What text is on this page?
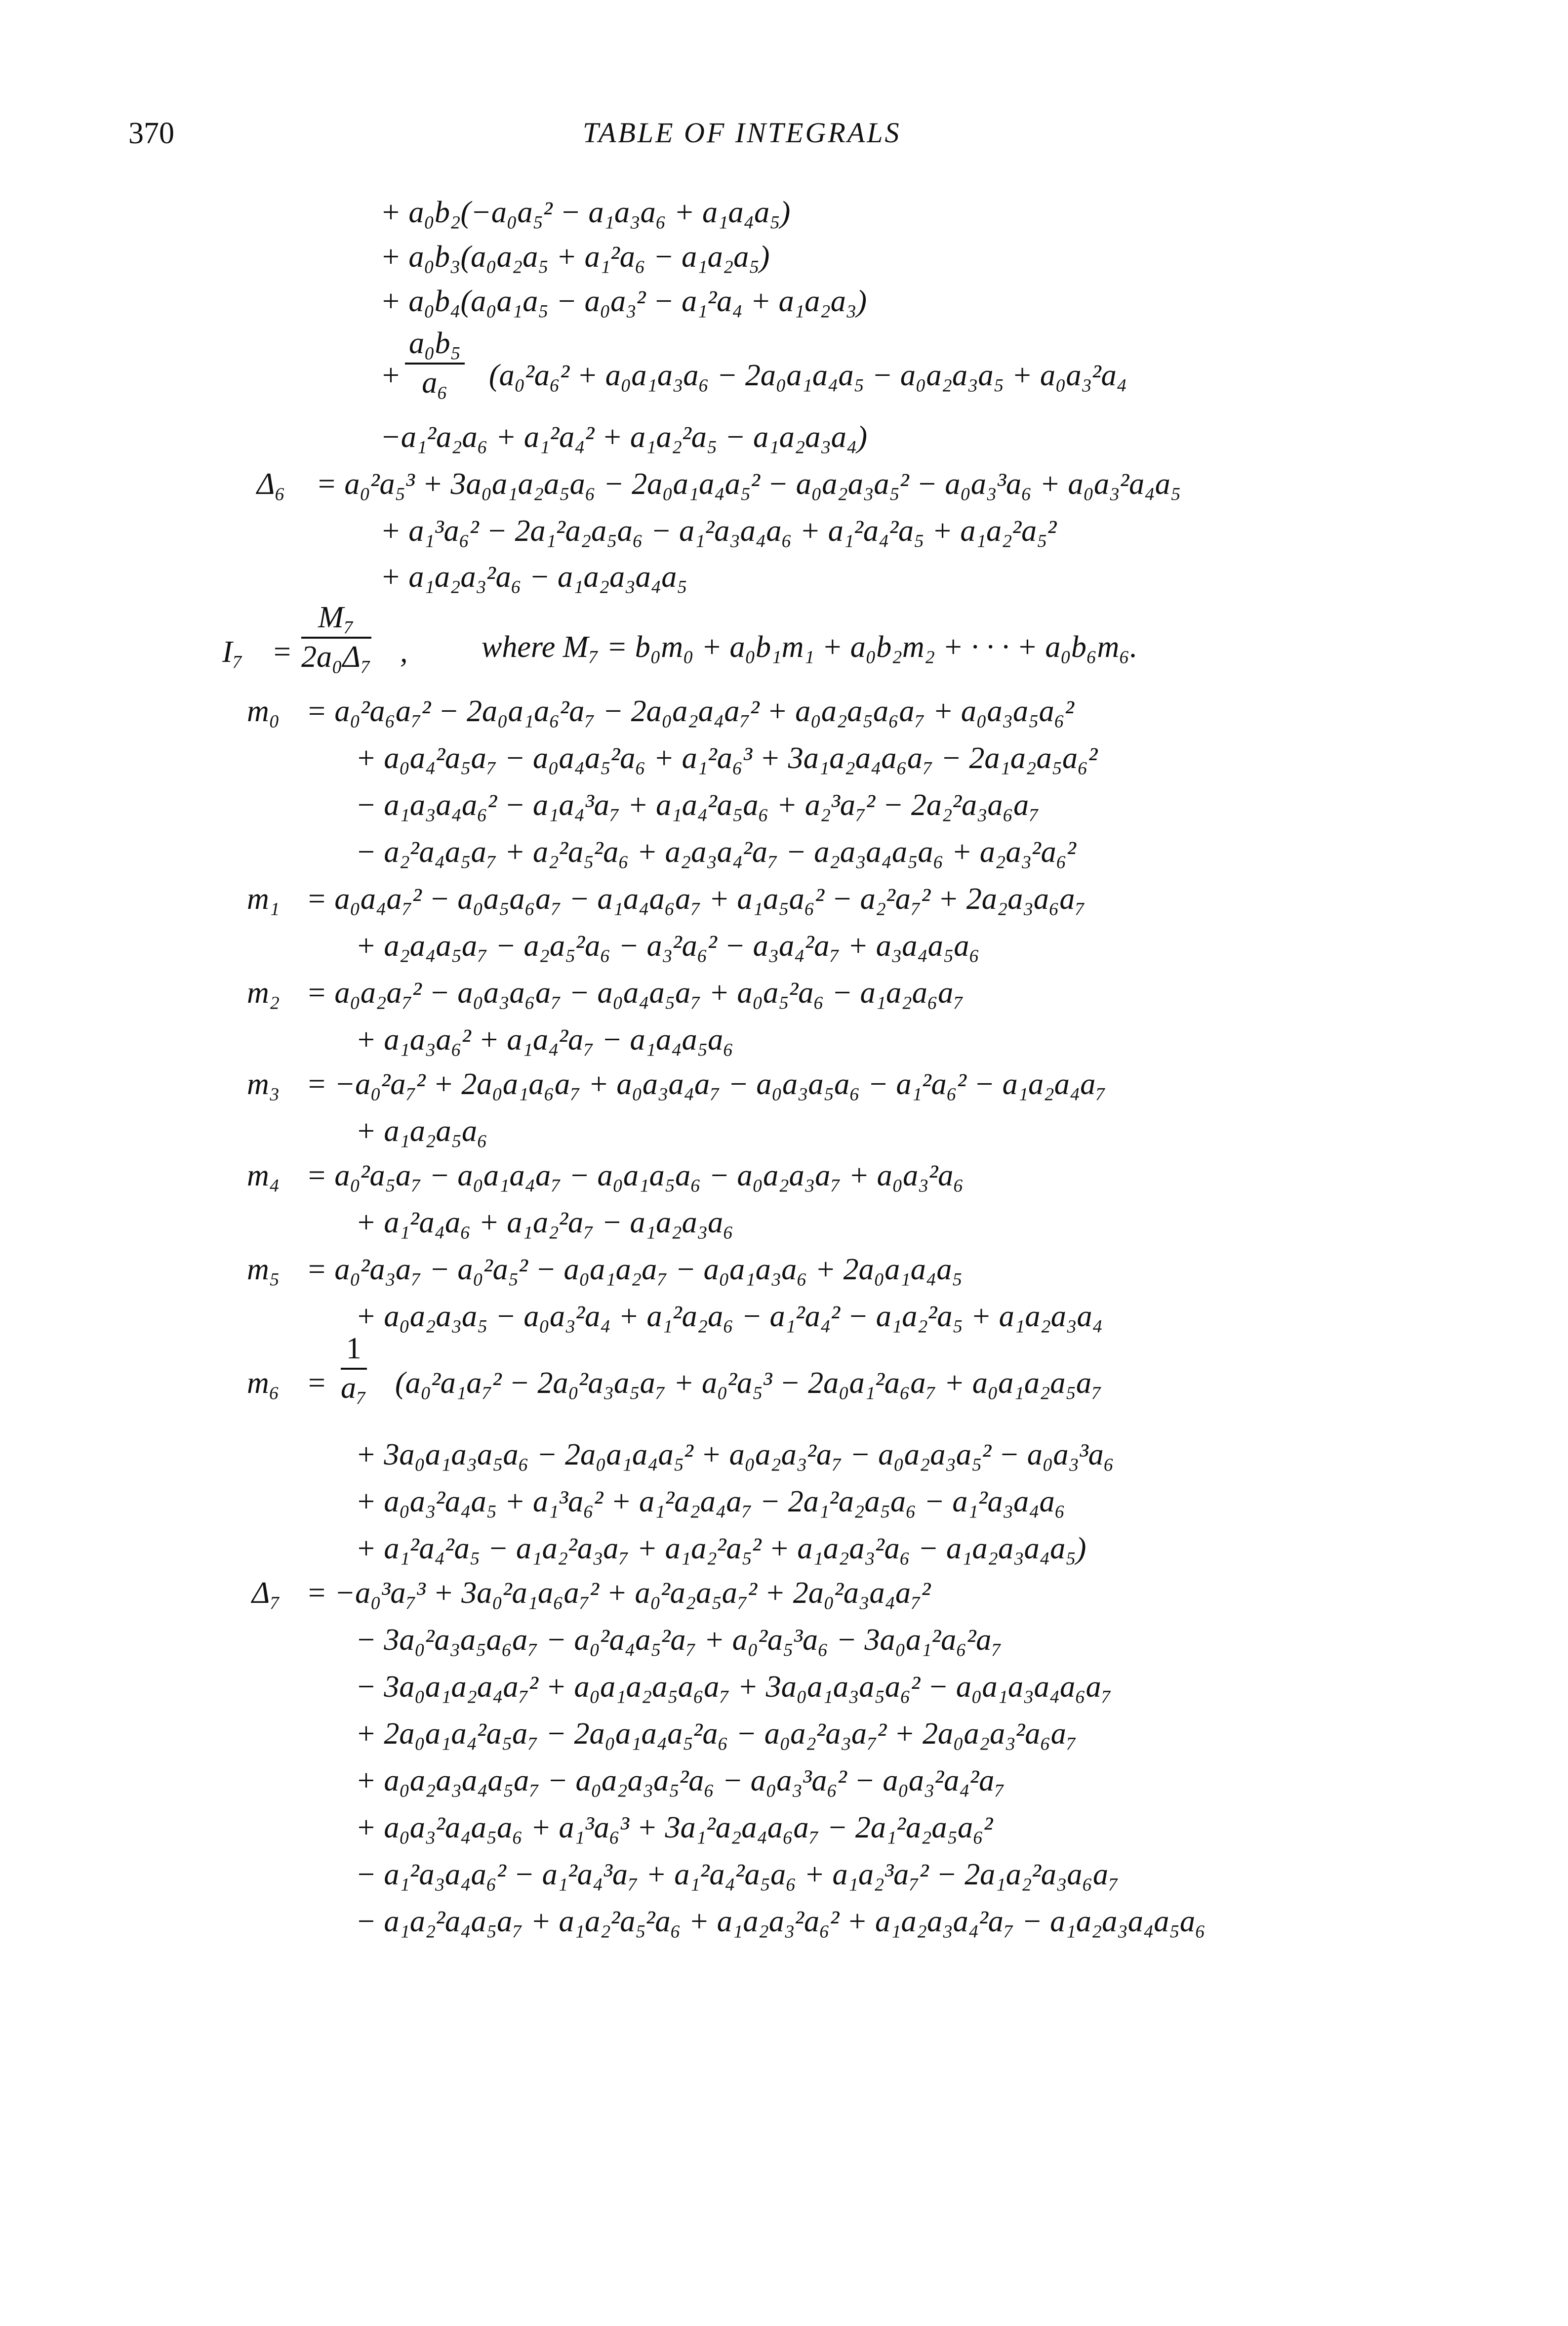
370	TABLE OF INTEGRALS
+ a₀b₂(−a₀a₅² − a₁a₃a₆ + a₁a₄a₅)
+ a₀b₃(a₀a₂a₅ + a₁²a₆ − a₁a₂a₅)
+ a₀b₄(a₀a₁a₅ − a₀a₃² − a₁²a₄ + a₁a₂a₃)
+ $\frac{\text{a₀b₅}}{\text{a₆}} (a_0^2a_6^2 + a_0a_1a_3a_6 - 2a_0a_1a_4a_5 - a_0a_2a_3a_5 + a_0a_3^2a_4$
−a₁²a₂a₆ + a₁²a₄² + a₁a₂²a₅ − a₁a₂a₃a₄)
Δ₆ = a₀²a₅³ + 3a₀a₁a₂a₅a₆ − 2a₀a₁a₄a₅² − a₀a₂a₃a₅² − a₀a₃³a₆ + a₀a₃²a₄a₅
+ a₁³a₆² − 2a₁²a₂a₅a₆ − a₁²a₃a₄a₆ + a₁²a₄²a₅ + a₁a₂²a₅²
+ a₁a₂a₃²a₆ − a₁a₂a₃a₄a₅
$I_7 = \frac{\text{M₇}}{\text{2a₀Δ₇}}$ , where M₇ = b₀m₀ + a₀b₁m₁ + a₀b₂m₂ + · · · + a₀b₆m₆.
m₀ = a₀²a₆a₇² − 2a₀a₁a₆²a₇ − 2a₀a₂a₄a₇² + a₀a₂a₅a₆a₇ + a₀a₃a₅a₆²
+ a₀a₄²a₅a₇ − a₀a₄a₅²a₆ + a₁²a₆³ + 3a₁a₂a₄a₆a₇ − 2a₁a₂a₅a₆²
− a₁a₃a₄a₆² − a₁a₄³a₇ + a₁a₄²a₅a₆ + a₂³a₇² − 2a₂²a₃a₆a₇
− a₂²a₄a₅a₇ + a₂²a₅²a₆ + a₂a₃a₄²a₇ − a₂a₃a₄a₅a₆ + a₂a₃²a₆²
m₁ = a₀a₄a₇² − a₀a₅a₆a₇ − a₁a₄a₆a₇ + a₁a₅a₆² − a₂²a₇² + 2a₂a₃a₆a₇
+ a₂a₄a₅a₇ − a₂a₅²a₆ − a₃²a₆² − a₃a₄²a₇ + a₃a₄a₅a₆
m₂ = a₀a₂a₇² − a₀a₃a₆a₇ − a₀a₄a₅a₇ + a₀a₅²a₆ − a₁a₂a₆a₇
+ a₁a₃a₆² + a₁a₄²a₇ − a₁a₄a₅a₆
m₃ = −a₀²a₇² + 2a₀a₁a₆a₇ + a₀a₃a₄a₇ − a₀a₃a₅a₆ − a₁²a₆² − a₁a₂a₄a₇
+ a₁a₂a₅a₆
m₄ = a₀²a₅a₇ − a₀a₁a₄a₇ − a₀a₁a₅a₆ − a₀a₂a₃a₇ + a₀a₃²a₆
+ a₁²a₄a₆ + a₁a₂²a₇ − a₁a₂a₃a₆
m₅ = a₀²a₃a₇ − a₀²a₅² − a₀a₁a₂a₇ − a₀a₁a₃a₆ + 2a₀a₁a₄a₅
+ a₀a₂a₃a₅ − a₀a₃²a₄ + a₁²a₂a₆ − a₁²a₄² − a₁a₂²a₅ + a₁a₂a₃a₄
$m_6 = \frac{1}{\text{a₇}} (a_0^2a_1a_7^2 - 2a_0^2a_3a_5a_7 + a_0^2a_5^3 - 2a_0a_1^2a_6a_7 + a_0a_1a_2a_5a_7$
+ 3a₀a₁a₃a₅a₆ − 2a₀a₁a₄a₅² + a₀a₂a₃²a₇ − a₀a₂a₃a₅² − a₀a₃³a₆
+ a₀a₃²a₄a₅ + a₁³a₆² + a₁²a₂a₄a₇ − 2a₁²a₂a₅a₆ − a₁²a₃a₄a₆
+ a₁²a₄²a₅ − a₁a₂²a₃a₇ + a₁a₂²a₅² + a₁a₂a₃²a₆ − a₁a₂a₃a₄a₅)
Δ₇ = −a₀³a₇³ + 3a₀²a₁a₆a₇² + a₀²a₂a₅a₇² + 2a₀²a₃a₄a₇²
− 3a₀²a₃a₅a₆a₇ − a₀²a₄a₅²a₇ + a₀²a₅³a₆ − 3a₀a₁²a₆²a₇
− 3a₀a₁a₂a₄a₇² + a₀a₁a₂a₅a₆a₇ + 3a₀a₁a₃a₅a₆² − a₀a₁a₃a₄a₆a₇
+ 2a₀a₁a₄²a₅a₇ − 2a₀a₁a₄a₅²a₆ − a₀a₂²a₃a₇² + 2a₀a₂a₃²a₆a₇
+ a₀a₂a₃a₄a₅a₇ − a₀a₂a₃a₅²a₆ − a₀a₃³a₆² − a₀a₃²a₄²a₇
+ a₀a₃²a₄a₅a₆ + a₁³a₆³ + 3a₁²a₂a₄a₆a₇ − 2a₁²a₂a₅a₆²
− a₁²a₃a₄a₆² − a₁²a₄³a₇ + a₁²a₄²a₅a₆ + a₁a₂³a₇² − 2a₁a₂²a₃a₆a₇
− a₁a₂²a₄a₅a₇ + a₁a₂²a₅²a₆ + a₁a₂a₃²a₆² + a₁a₂a₃a₄²a₇ − a₁a₂a₃a₄a₅a₆
